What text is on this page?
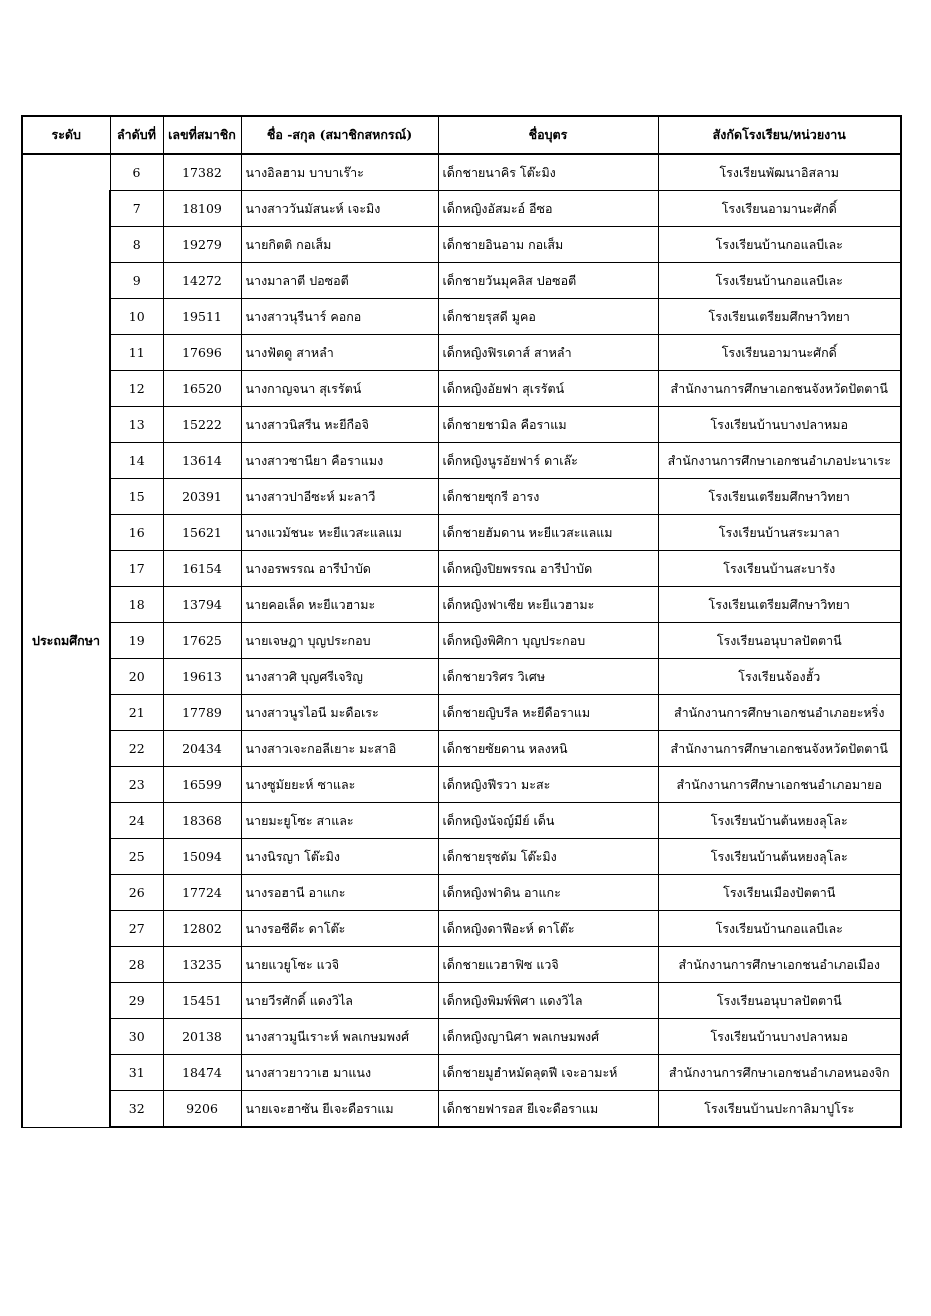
ระดับ	ลำดับที่	เลขที่สมาชิก	ชื่อ -สกุล (สมาชิกสหกรณ์)	ชื่อบุตร	สังกัดโรงเรียน/หน่วยงาน
ประถมศึกษา	6	17382	นางอิลฮาม บาบาเร๊าะ	เด็กชายนาคิร โต๊ะมิง	โรงเรียนพัฒนาอิสลาม
	7	18109	นางสาววันมัสนะห์ เจะมิง	เด็กหญิงอัสมะอ์ อีซอ	โรงเรียนอามานะศักดิ์
	8	19279	นายกิตติ กอเส็ม	เด็กชายอินอาม กอเส็ม	โรงเรียนบ้านกอแลบีเละ
	9	14272	นางมาลาตี ปอซอตี	เด็กชายวันมุคลิส ปอซอตี	โรงเรียนบ้านกอแลบีเละ
	10	19511	นางสาวนุรีนาร์ คอกอ	เด็กชายรุสดี มูคอ	โรงเรียนเตรียมศึกษาวิทยา
	11	17696	นางฟัตดู สาหลำ	เด็กหญิงฟิรเดาส์ สาหลำ	โรงเรียนอามานะศักดิ์
	12	16520	นางกาญจนา สุเรรัตน์	เด็กหญิงอัยฟา สุเรรัตน์	สำนักงานการศึกษาเอกชนจังหวัดปัตตานี
	13	15222	นางสาวนิสรีน หะยีกือจิ	เด็กชายชามิล คือราแม	โรงเรียนบ้านบางปลาหมอ
	14	13614	นางสาวซานียา คือราแมง	เด็กหญิงนูรอัยฟาร์ ดาเล๊ะ	สำนักงานการศึกษาเอกชนอำเภอปะนาเระ
	15	20391	นางสาวปาอีซะห์ มะลาวี	เด็กชายซุกรี อารง	โรงเรียนเตรียมศึกษาวิทยา
	16	15621	นางแวมัชนะ หะยีแวสะแลแม	เด็กชายฮัมดาน หะยีแวสะแลแม	โรงเรียนบ้านสระมาลา
	17	16154	นางอรพรรณ อารีบำบัด	เด็กหญิงปิยพรรณ อารีบำบัด	โรงเรียนบ้านสะบารัง
	18	13794	นายคอเล็ด หะยีแวฮามะ	เด็กหญิงฟาเซีย หะยีแวฮามะ	โรงเรียนเตรียมศึกษาวิทยา
	19	17625	นายเจษฎา บุญประกอบ	เด็กหญิงพิศิกา บุญประกอบ	โรงเรียนอนุบาลปัตตานี
	20	19613	นางสาวศิ บุญศรีเจริญ	เด็กชายวริศร วิเศษ	โรงเรียนจ้องฮั้ว
	21	17789	นางสาวนูรไอนี มะดือเระ	เด็กชายญิบรีล หะยีดือราแม	สำนักงานการศึกษาเอกชนอำเภอยะหริ่ง
	22	20434	นางสาวเจะกอลีเยาะ มะสาอิ	เด็กชายซัยดาน หลงหนิ	สำนักงานการศึกษาเอกชนจังหวัดปัตตานี
	23	16599	นางซูมัยยะห์ ซาและ	เด็กหญิงฟีรวา มะสะ	สำนักงานการศึกษาเอกชนอำเภอมายอ
	24	18368	นายมะยูโซะ สาและ	เด็กหญิงนัจญ์มีย์ เด็น	โรงเรียนบ้านต้นหยงลุโละ
	25	15094	นางนิรญา โต๊ะมิง	เด็กชายรุซดัม โต๊ะมิง	โรงเรียนบ้านต้นหยงลุโละ
	26	17724	นางรอฮานี อาแกะ	เด็กหญิงฟาดิน อาแกะ	โรงเรียนเมืองปัตตานี
	27	12802	นางรอซีดีะ ดาโต๊ะ	เด็กหญิงดาฟีอะห์ ดาโต๊ะ	โรงเรียนบ้านกอแลบีเละ
	28	13235	นายแวยูโซะ แวจิ	เด็กชายแวฮาฟิซ แวจิ	สำนักงานการศึกษาเอกชนอำเภอเมือง
	29	15451	นายวีรศักดิ์ แดงวิไล	เด็กหญิงพิมพ์พิศา แดงวิไล	โรงเรียนอนุบาลปัตตานี
	30	20138	นางสาวมูนีเราะห์ พลเกษมพงศ์	เด็กหญิงญานิศา พลเกษมพงศ์	โรงเรียนบ้านบางปลาหมอ
	31	18474	นางสาวยาวาเฮ มาแนง	เด็กชายมูฮำหมัดลุตฟี เจะอามะห์	สำนักงานการศึกษาเอกชนอำเภอหนองจิก
	32	9206	นายเจะฮาซัน ยีเจะดือราแม	เด็กชายฟารอส ยีเจะดือราแม	โรงเรียนบ้านปะกาลิมาปูโระ
